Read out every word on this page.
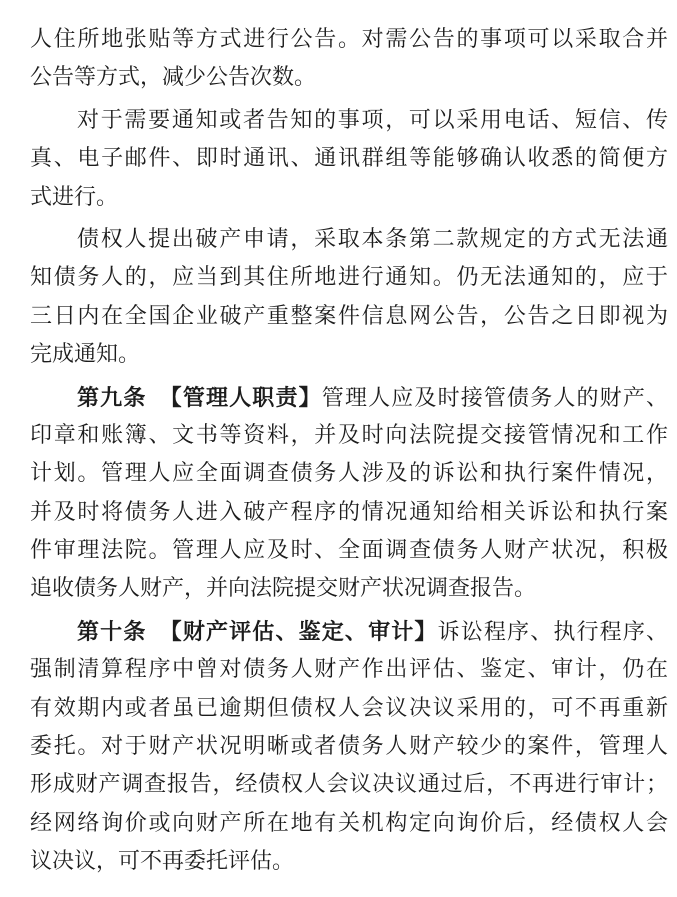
人住所地张贴等方式进行公告。对需公告的事项可以采取合并
公告等方式，减少公告次数。
对于需要通知或者告知的事项，可以采用电话、短信、传
真、电子邮件、即时通讯、通讯群组等能够确认收悉的简便方
式进行。
债权人提出破产申请，采取本条第二款规定的方式无法通
知债务人的，应当到其住所地进行通知。仍无法通知的，应于
三日内在全国企业破产重整案件信息网公告，公告之日即视为
完成通知。
第九条 【管理人职责】管理人应及时接管债务人的财产、
印章和账簿、文书等资料，并及时向法院提交接管情况和工作
计划。管理人应全面调查债务人涉及的诉讼和执行案件情况，
并及时将债务人进入破产程序的情况通知给相关诉讼和执行案
件审理法院。管理人应及时、全面调查债务人财产状况，积极
追收债务人财产，并向法院提交财产状况调查报告。
第十条 【财产评估、鉴定、审计】诉讼程序、执行程序、
强制清算程序中曾对债务人财产作出评估、鉴定、审计，仍在
有效期内或者虽已逾期但债权人会议决议采用的，可不再重新
委托。对于财产状况明晰或者债务人财产较少的案件，管理人
形成财产调查报告，经债权人会议决议通过后，不再进行审计；
经网络询价或向财产所在地有关机构定向询价后，经债权人会
议决议，可不再委托评估。
